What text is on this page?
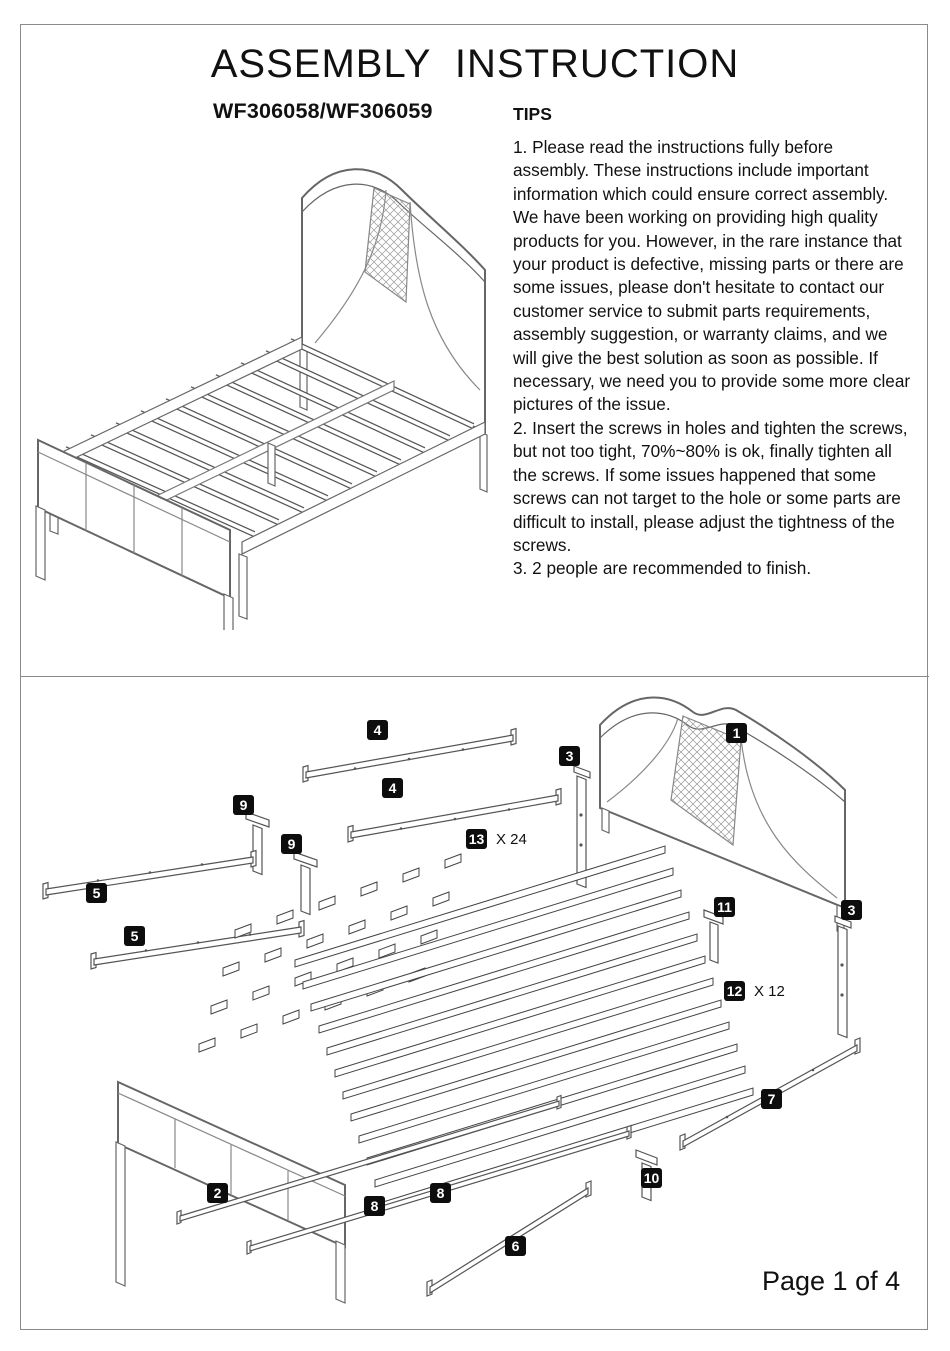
ASSEMBLY  INSTRUCTION
WF306058/WF306059	TIPS

1. Please read the instructions fully before assembly. These instructions include important information which could ensure correct assembly. We have been working on providing high quality products for you. However, in the rare instance that your product is defective, missing parts or there are some issues, please don't hesitate to contact our customer service to submit parts requirements, assembly suggestion, or warranty claims, and we will give the best solution as soon as possible. If necessary, we need you to provide some more clear pictures of the issue.

2. Insert the screws in holes and tighten the screws, but not too tight, 70%~80% is ok, finally tighten all the screws. If some issues happened that some screws can not target to the hole or some parts are difficult to install, please adjust the tightness of the screws.

3. 2 people are recommended to finish.

1
3
4
4
9
9	13 X 24
5
5
11	3
12 X 12
7
2
8
8
10
6
Page 1 of 4
